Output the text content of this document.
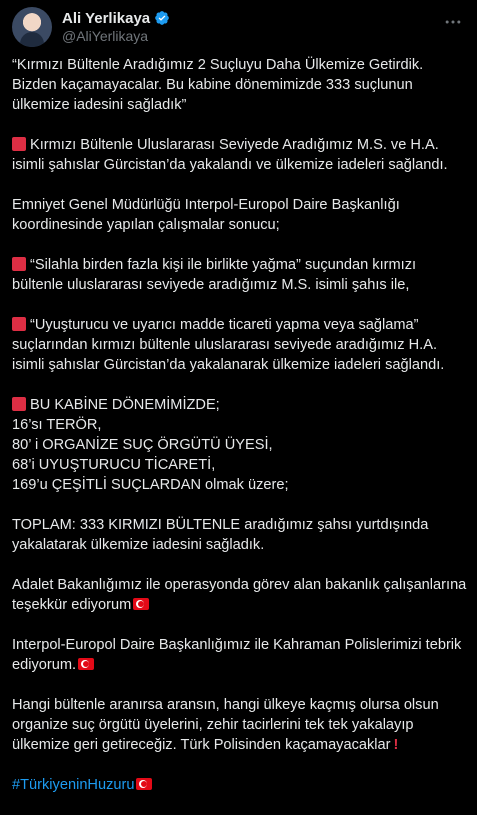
Ali Yerlikaya
@AliYerlikaya

“Kırmızı Bültenle Aradığımız 2 Suçluyu Daha Ülkemize Getirdik. Bizden kaçamayacalar. Bu kabine dönemimizde 333 suçlunun ülkemize iadesini sağladık”

Kırmızı Bültenle Uluslararası Seviyede Aradığımız M.S. ve H.A. isimli şahıslar Gürcistan’da yakalandı ve ülkemize iadeleri sağlandı.

Emniyet Genel Müdürlüğü Interpol-Europol Daire Başkanlığı koordinesinde yapılan çalışmalar sonucu;

“Silahla birden fazla kişi ile birlikte yağma” suçundan kırmızı bültenle uluslararası seviyede aradığımız M.S. isimli şahıs ile,

“Uyuşturucu ve uyarıcı madde ticareti yapma veya sağlama” suçlarından kırmızı bültenle uluslararası seviyede aradığımız H.A. isimli şahıslar Gürcistan’da yakalanarak ülkemize iadeleri sağlandı.

BU KABİNE DÖNEMİMİZDE;
16’sı TERÖR,
80’ i ORGANİZE SUÇ ÖRGÜTÜ ÜYESİ,
68’i UYUŞTURUCU TİCARETİ,
169’u ÇEŞİTLİ SUÇLARDAN olmak üzere;

TOPLAM: 333 KIRMIZI BÜLTENLE aradığımız şahsı yurtdışında yakalatarak ülkemize iadesini sağladık.

Adalet Bakanlığımız ile operasyonda görev alan bakanlık çalışanlarına teşekkür ediyorum

Interpol-Europol Daire Başkanlığımız ile Kahraman Polislerimizi tebrik ediyorum.

Hangi bültenle aranırsa aransın, hangi ülkeye kaçmış olursa olsun organize suç örgütü üyelerini, zehir tacirlerini tek tek yakalayıp ülkemize geri getireceğiz. Türk Polisinden kaçamayacaklar !

#TürkiyeninHuzuru
